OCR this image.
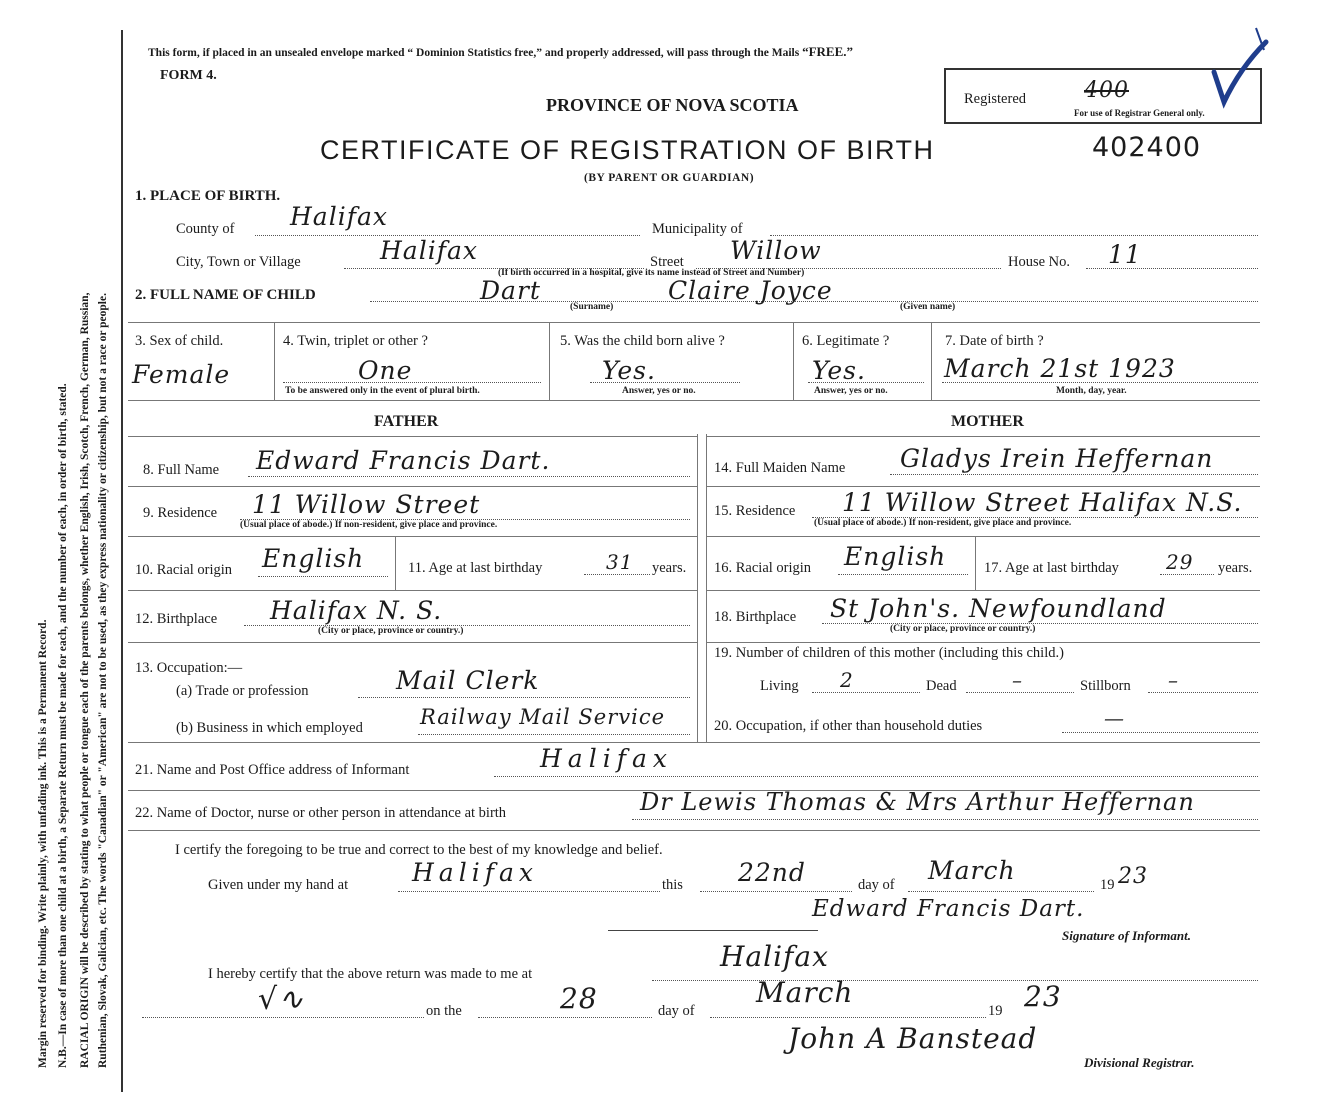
Margin reserved for binding. Write plainly, with unfading ink. This is a Permanent Record. N.B.—In case of more than one child at a birth, a Separate Return must be made for each, and the number of each, in order of birth, stated. RACIAL ORIGIN will be described by stating to what people or tongue each of the parents belongs, whether English, Irish, Scotch, French, German, Russian, Ruthenian, Slovak, Galician, etc. The words "Canadian" or "American" are not to be used, as they express nationality or citizenship, but not a race or people.
This form, if placed in an unsealed envelope marked “ Dominion Statistics free,” and properly addressed, will pass through the Mails “FREE.”
FORM 4.
PROVINCE OF NOVA SCOTIA
CERTIFICATE OF REGISTRATION OF BIRTH	402400
(BY PARENT OR GUARDIAN)
Registered	400
For use of Registrar General only.
1. PLACE OF BIRTH.
County of Halifax	Municipality of
City, Town or Village	Halifax	Street Willow	House No. 11
(If birth occurred in a hospital, give its name instead of Street and Number)
2. FULL NAME OF CHILD	Dart	Claire Joyce
(Surname)	(Given name)
3. Sex of child.
Female
4. Twin, triplet or other ?
One
To be answered only in the event of plural birth.
5. Was the child born alive ?
Yes.
Answer, yes or no.
6. Legitimate ?
Yes.
Answer, yes or no.
7. Date of birth ?
March 21st 1923
Month, day, year.
FATHER	MOTHER
8. Full Name Edward Francis Dart.
9. Residence 11 Willow Street
(Usual place of abode.) If non-resident, give place and province.
10. Racial origin English	11. Age at last birthday	31 years.
12. Birthplace Halifax N. S.
(City or place, province or country.)
13. Occupation:—
(a) Trade or profession	Mail Clerk
(b) Business in which employed	Railway Mail Service
14. Full Maiden Name Gladys Irein Heffernan
15. Residence 11 Willow Street Halifax N.S.
(Usual place of abode.) If non-resident, give place and province.
16. Racial origin English	17. Age at last birthday 29 years.
18. Birthplace St John's. Newfoundland
(City or place, province or country.)
19. Number of children of this mother (including this child.)
Living 2	Dead	–	Stillborn –
20. Occupation, if other than household duties	—
21. Name and Post Office address of Informant	Halifax
22. Name of Doctor, nurse or other person in attendance at birth	Dr Lewis Thomas & Mrs Arthur Heffernan
I certify the foregoing to be true and correct to the best of my knowledge and belief.
Given under my hand at	Halifax	this 22nd	day of March	19 23
Edward Francis Dart.
Signature of Informant.
I hereby certify that the above return was made to me at
Halifax
√∿	on the	28	day of
March
19 23
John A Banstead
Divisional Registrar.
